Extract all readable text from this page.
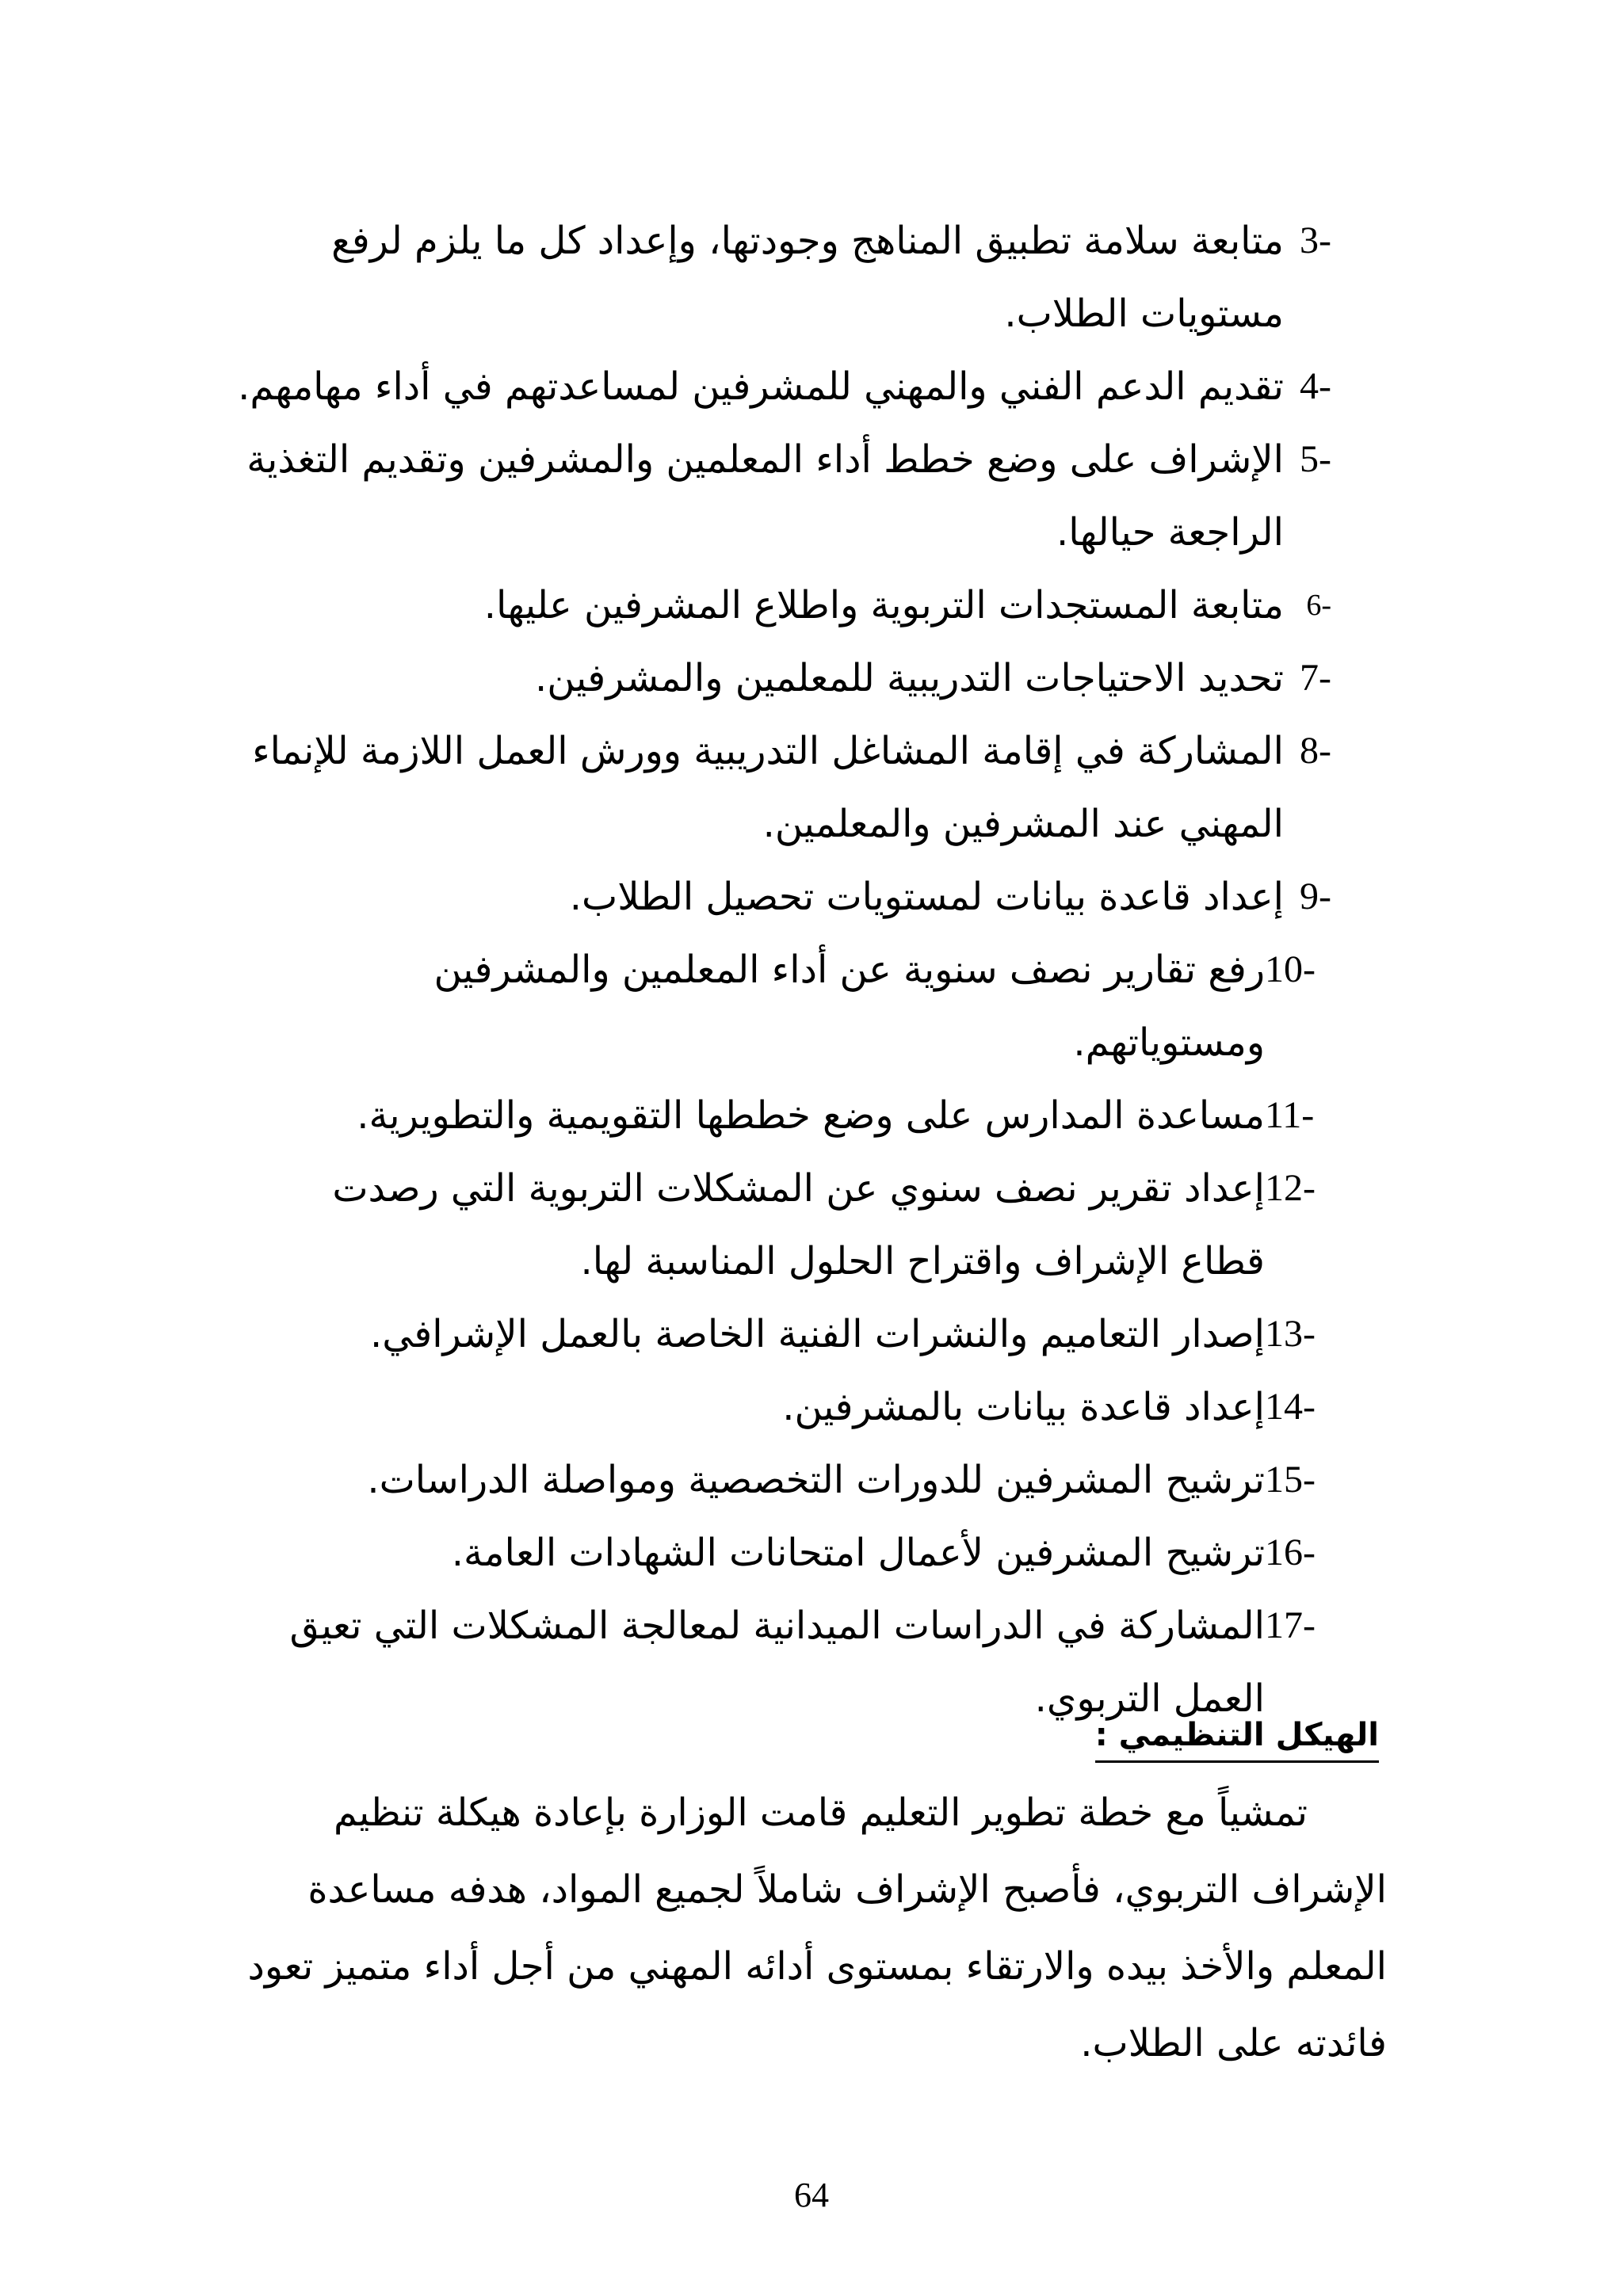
3-
متابعة سلامة تطبيق المناهج وجودتها، وإعداد كل ما يلزم لرفع مستويات الطلاب.
4-
تقديم الدعم الفني والمهني للمشرفين لمساعدتهم في أداء مهامهم.
5-
الإشراف على وضع خطط أداء المعلمين والمشرفين وتقديم التغذية الراجعة حيالها.
6-
متابعة المستجدات التربوية واطلاع المشرفين عليها.
7-
تحديد الاحتياجات التدريبية للمعلمين والمشرفين.
8-
المشاركة في إقامة المشاغل التدريبية وورش العمل اللازمة للإنماء المهني عند المشرفين والمعلمين.
9-
إعداد قاعدة بيانات لمستويات تحصيل الطلاب.
10-
رفع تقارير نصف سنوية عن أداء المعلمين والمشرفين ومستوياتهم.
11-
مساعدة المدارس على وضع خططها التقويمية والتطويرية.
12-
إعداد تقرير نصف سنوي عن المشكلات التربوية التي رصدت قطاع الإشراف واقتراح الحلول المناسبة لها.
13-
إصدار التعاميم والنشرات الفنية الخاصة بالعمل الإشرافي.
14-
إعداد قاعدة بيانات بالمشرفين.
15-
ترشيح المشرفين للدورات التخصصية ومواصلة الدراسات.
16-
ترشيح المشرفين لأعمال امتحانات الشهادات العامة.
17-
المشاركة في الدراسات الميدانية لمعالجة المشكلات التي تعيق العمل التربوي.
الهيكل التنظيمي :

تمشياً مع خطة تطوير التعليم قامت الوزارة بإعادة هيكلة تنظيم الإشراف التربوي، فأصبح الإشراف شاملاً لجميع المواد، هدفه مساعدة المعلم والأخذ بيده والارتقاء بمستوى أدائه المهني من أجل أداء متميز تعود فائدته على الطلاب.

64
